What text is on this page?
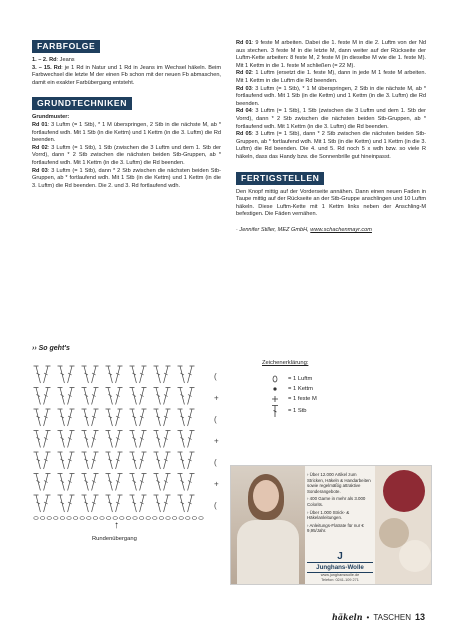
FARBFOLGE

1. – 2. Rd: Jeans

3. – 15. Rd: je 1 Rd in Natur und 1 Rd in Jeans im Wechsel häkeln. Beim Farbwechsel die letzte M der einen Fb schon mit der neuen Fb abmaschen, damit ein exakter Farbübergang entsteht.

GRUNDTECHNIKEN

Grundmuster:

Rd 01: 3 Luftm (= 1 Stb), * 1 M überspringen, 2 Stb in die nächste M, ab * fortlaufend wdh. Mit 1 Stb (in die Kettm) und 1 Kettm (in die 3. Luftm) die Rd beenden.

Rd 02: 3 Luftm (= 1 Stb), 1 Stb (zwischen die 3 Luftm und dem 1. Stb der Vorrd), dann * 2 Stb zwischen die nächsten beiden Stb-Gruppen, ab * fortlaufend wdh. Mit 1 Kettm (in die 3. Luftm) die Rd beenden.

Rd 03: 3 Luftm (= 1 Stb), dann * 2 Stb zwischen die nächsten beiden Stb-Gruppen, ab * fortlaufend wdh. Mit 1 Stb (in die Kettm) und 1 Kettm (in die 3. Luftm) die Rd beenden. Die 2. und 3. Rd fortlaufend wdh.

Rd 01: 9 feste M arbeiten. Dabei die 1. feste M in die 2. Luftm von der Nd aus stechen. 3 feste M in die letzte M, dann weiter auf der Rückseite der Luftm-Kette arbeiten: 8 feste M, 2 feste M (in dieselbe M wie die 1. feste M). Mit 1 Kettm in die 1. feste M schließen (= 22 M).

Rd 02: 1 Luftm (ersetzt die 1. feste M), dann in jede M 1 feste M arbeiten. Mit 1 Kettm in die Luftm die Rd beenden.

Rd 03: 3 Luftm (= 1 Stb), * 1 M überspringen, 2 Stb in die nächste M, ab * fortlaufend wdh. Mit 1 Stb (in die Kettm) und 1 Kettm (in die 3. Luftm) die Rd beenden.

Rd 04: 3 Luftm (= 1 Stb), 1 Stb (zwischen die 3 Luftm und dem 1. Stb der Vorrd), dann * 2 Stb zwischen die nächsten beiden Stb-Gruppen, ab * fortlaufend wdh. Mit 1 Kettm (in die 3. Luftm) die Rd beenden.

Rd 05: 3 Luftm (= 1 Stb), dann * 2 Stb zwischen die nächsten beiden Stb-Gruppen, ab * fortlaufend wdh. Mit 1 Stb (in die Kettm) und 1 Kettm (in die 3. Luftm) die Rd beenden. Die 4. und 5. Rd noch 5 x wdh bzw. so viele R häkeln, dass das Handy bzw. die Sonnenbrille gut hineinpasst.

FERTIGSTELLEN

Den Knopf mittig auf der Vorderseite annähen. Dann einen neuen Faden in Taupe mittig auf der Rückseite an der Stb-Gruppe anschlingen und 10 Luftm häkeln. Diese Luftm-Kette mit 1 Kettm links neben der Anschling-M befestigen. Die Fäden vernähen.

· Jennifer Stiller, MEZ GmbH, www.schachenmayr.com

›› So geht's
(
+
(
+
(
+
(
↑
Rundenübergang
Zeichenerklärung:
= 1 Luftm
= 1 Kettm
= 1 feste M
= 1 Stb
› Über 12.000 Artikel zum Stricken, Häkeln & Handarbeiten sowie regelmäßig attraktive Sonderangebote.
› 400 Garne in mehr als 3.000 Colorits.
› Über 1.000 Strick- & Häkelanleitungen.
› Anleitungs-Flatrate für nur € 9,95/Jahr.
J
Junghans-Wolle
www.junghanswolle.de
Telefon: 0241-109 271
häkeln • TASCHEN 13
